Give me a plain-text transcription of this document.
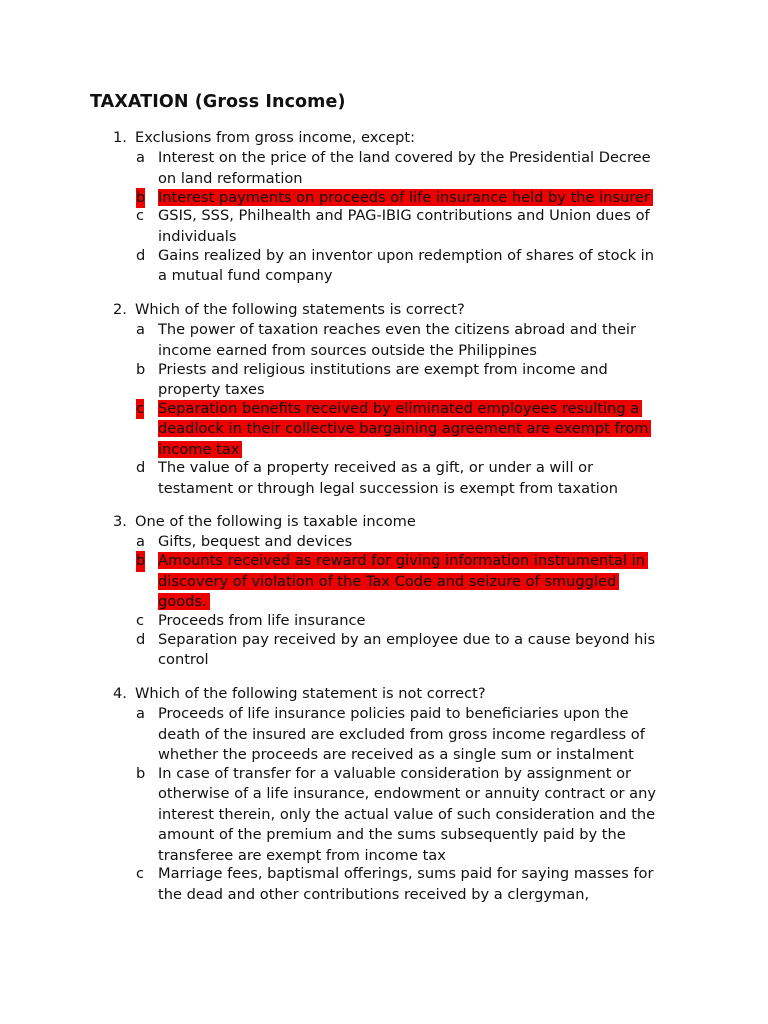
TAXATION (Gross Income)
1. Exclusions from gross income, except:
a Interest on the price of the land covered by the Presidential Decree
on land reformation
b Interest payments on proceeds of life insurance held by the insurer
c GSIS, SSS, Philhealth and PAG-IBIG contributions and Union dues of
individuals
d Gains realized by an inventor upon redemption of shares of stock in
a mutual fund company
2. Which of the following statements is correct?
a The power of taxation reaches even the citizens abroad and their
income earned from sources outside the Philippines
b Priests and religious institutions are exempt from income and
property taxes
c Separation benefits received by eliminated employees resulting a
deadlock in their collective bargaining agreement are exempt from
income tax
d The value of a property received as a gift, or under a will or
testament or through legal succession is exempt from taxation
3. One of the following is taxable income
a Gifts, bequest and devices
b Amounts received as reward for giving information instrumental in
discovery of violation of the Tax Code and seizure of smuggled
goods.
c Proceeds from life insurance
d Separation pay received by an employee due to a cause beyond his
control
4. Which of the following statement is not correct?
a Proceeds of life insurance policies paid to beneficiaries upon the
death of the insured are excluded from gross income regardless of
whether the proceeds are received as a single sum or instalment
b In case of transfer for a valuable consideration by assignment or
otherwise of a life insurance, endowment or annuity contract or any
interest therein, only the actual value of such consideration and the
amount of the premium and the sums subsequently paid by the
transferee are exempt from income tax
c Marriage fees, baptismal offerings, sums paid for saying masses for
the dead and other contributions received by a clergyman,
